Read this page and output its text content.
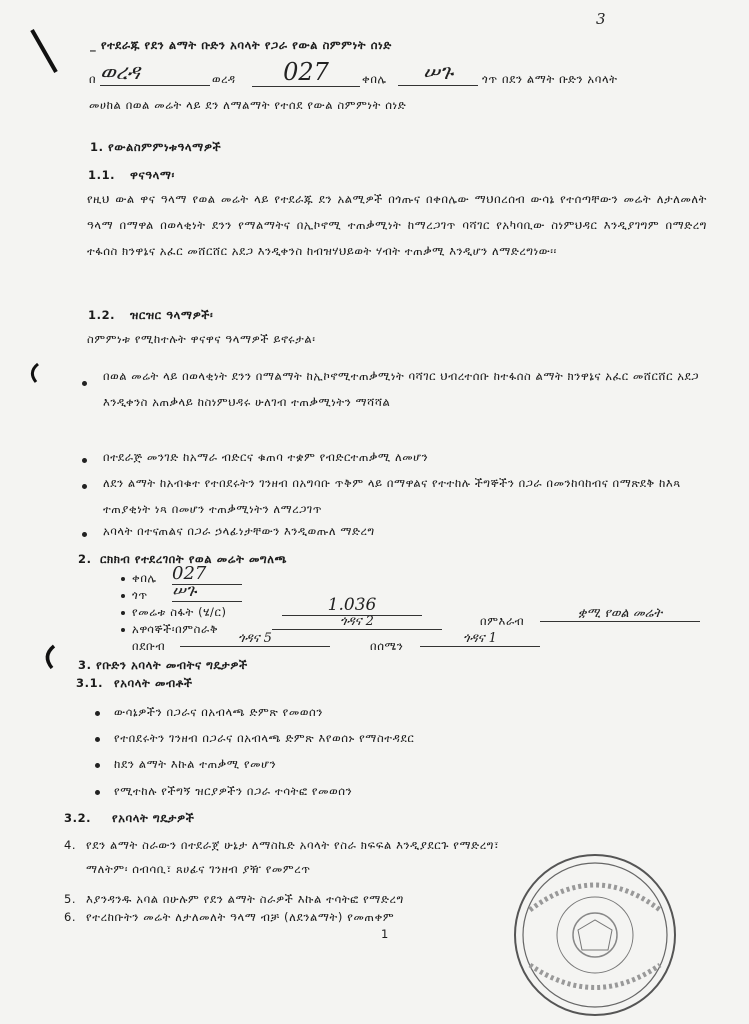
3
_ የተደራጁ የደን ልማት ቡድን አባላት የጋራ የውል ስምምነት ሰነድ
በ ወረዳ	ወረዳ	027	ቀበሌ	ሠጉ	ጎጥ በደን ልማት ቡድን አባላት
መሀከል በወል መሬት ላይ ደን ለማልማት የተሰደ የውል ስምምነት ሰነድ
1. የውልስምምነቱዓላማዎች
1.1. ዋናዓላማ፡
የዚህ ውል ዋና ዓላማ የወል መሬት ላይ የተደራጁ ደን አልሚዎች በጎጡና በቀበሌው ማህበረሰብ ውሳኔ የተሰጣቸውን መሬት ለታለመለት ዓላማ በማዋል በወላቂነት ደንን የማልማትና በኢኮኖሚ ተጠቃሚነት ከማረጋገጥ ባሻገር የአካባቢው ስነምህዳር እንዲያገግም በማድረግ ተፋሰስ ክንዋኔና አፈር መሸርሸር አደጋ እንዲቀንስ ከብዝሃህይወት ሃብት ተጠቃሚ እንዲሆን ለማድረግነው፡፡
1.2. ዝርዝር ዓላማዎች፡
ስምምነቱ የሚከተሉት ዋናዋና ዓላማዎች ይኖሩታል፡
በወል መሬት ላይ በወላቂነት ደንን በማልማት ከኢኮኖሚተጠቃሚነት ባሻገር ህብረተሰቡ ከተፋሰስ ልማት ክንዋኔና አፈር መሸርሸር አደጋ እንዲቀንስ አጠቃላይ ከስነምህዳሩ ሁለገብ ተጠቃሚነትን ማሻሻል
በተደራጅ መንገድ ከአማራ ብድርና ቁጠባ ተቋም የብድርተጠቃሚ ለመሆን
ለደን ልማት ከአብቁተ የተበደሩትን ገንዘብ በአግባቡ ጥቅም ላይ በማዋልና የተተከሉ ችግኞችን በጋራ በመንከባከብና በማጽደቅ ከእጻ ተጠያቂነት ነጻ በመሆን ተጠቃሚነትን ለማረጋገጥ
አባላት በተናጠልና በጋራ ኃላፊነታቸውን እንዲወጡለ ማድረግ
2. ርክክብ የተደረገበት የወል መሬት መግለጫ
ቀበሌ 027
ጎጥ ሠጉ
የመሬቱ ስፋት (ሄ/ር)	1.036
አዋሳኞች፡በምስራቅ	ጎዳና 2	በምእራብ	ቋሚ የወል መሬት
በደቡብ	ጎዳና 5	በሰሜን	ጎዳና 1
3. የቡድን አባላት መብትና ግዴታዎች
3.1. የአባላት መብቶች
ውሳኔዎችን በጋራና በአብላጫ ድምጽ የመወሰን
የተበደሩትን ገንዘብ በጋራና በአብላጫ ድምጽ እየወሰኑ የማስተዳደር
ከደን ልማት እኩል ተጠቃሚ የመሆን
የሚተከሉ የችግኝ ዝርያዎችን በጋራ ተሳትፎ የመወሰን
3.2. የአባላት ግዴታዎች
4. የደን ልማት ስራውን በተደራጀ ሁኔታ ለማስኬድ አባላት የስራ ክፍፍል እንዲያደርጉ የማድረግ፣
ማለትም፡ ሰብሳቢ፣ ጸሀፊና ገንዘብ ያዥ የመምረጥ
5. እያንዳንዱ አባል በሁሉም የደን ልማት ስራዎች እኩል ተሳትፎ የማድረግ
6. የተረከቡትን መሬት ለታለመለት ዓላማ ብቻ (ለደንልማት) የመጠቀም
1
